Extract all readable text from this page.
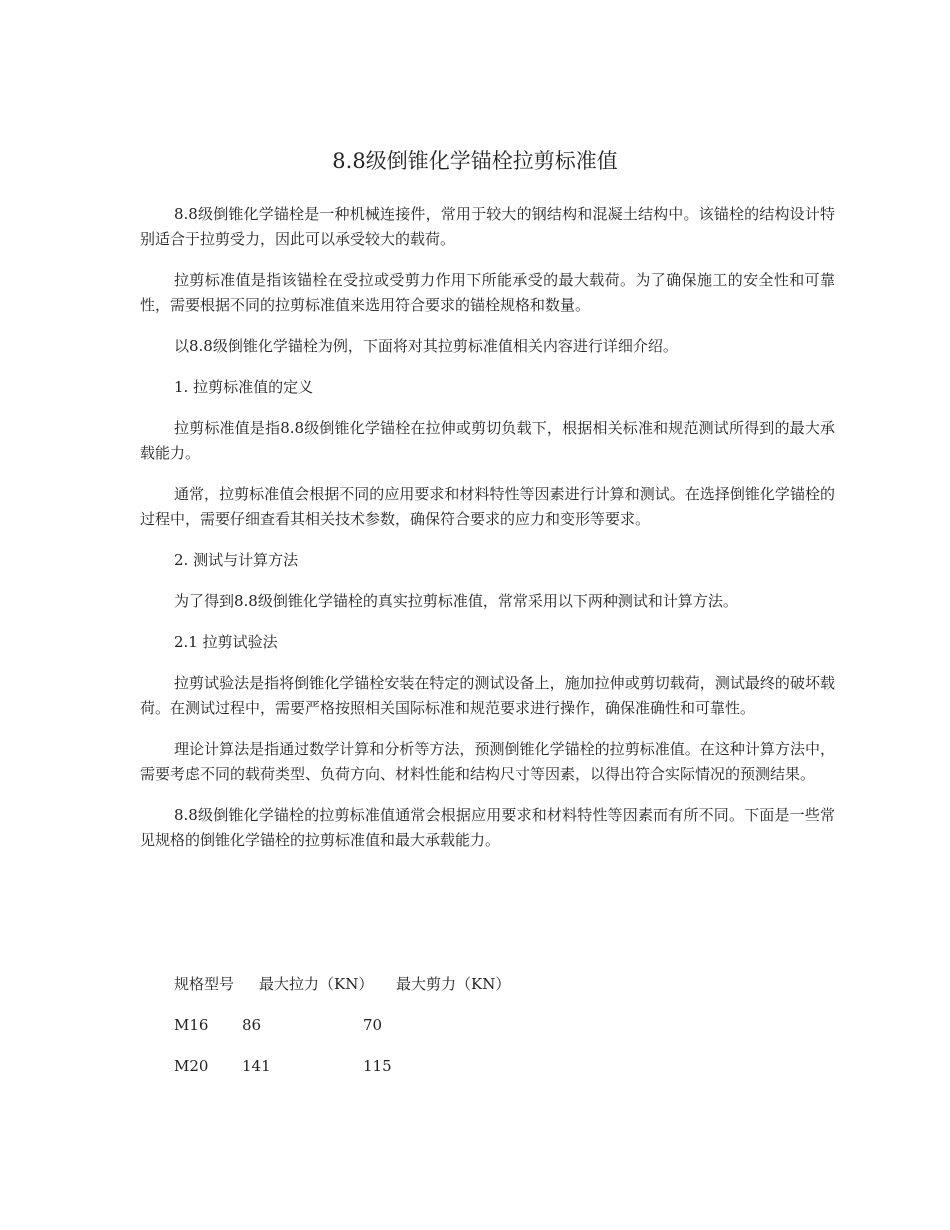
8.8级倒锥化学锚栓拉剪标准值

8.8级倒锥化学锚栓是一种机械连接件，常用于较大的钢结构和混凝土结构中。该锚栓的结构设计特别适合于拉剪受力，因此可以承受较大的载荷。

拉剪标准值是指该锚栓在受拉或受剪力作用下所能承受的最大载荷。为了确保施工的安全性和可靠性，需要根据不同的拉剪标准值来选用符合要求的锚栓规格和数量。

以8.8级倒锥化学锚栓为例，下面将对其拉剪标准值相关内容进行详细介绍。

1. 拉剪标准值的定义

拉剪标准值是指8.8级倒锥化学锚栓在拉伸或剪切负载下，根据相关标准和规范测试所得到的最大承载能力。

通常，拉剪标准值会根据不同的应用要求和材料特性等因素进行计算和测试。在选择倒锥化学锚栓的过程中，需要仔细查看其相关技术参数，确保符合要求的应力和变形等要求。

2. 测试与计算方法

为了得到8.8级倒锥化学锚栓的真实拉剪标准值，常常采用以下两种测试和计算方法。

2.1 拉剪试验法

拉剪试验法是指将倒锥化学锚栓安装在特定的测试设备上，施加拉伸或剪切载荷，测试最终的破坏载荷。在测试过程中，需要严格按照相关国际标准和规范要求进行操作，确保准确性和可靠性。

理论计算法是指通过数学计算和分析等方法，预测倒锥化学锚栓的拉剪标准值。在这种计算方法中，需要考虑不同的载荷类型、负荷方向、材料性能和结构尺寸等因素，以得出符合实际情况的预测结果。

8.8级倒锥化学锚栓的拉剪标准值通常会根据应用要求和材料特性等因素而有所不同。下面是一些常见规格的倒锥化学锚栓的拉剪标准值和最大承载能力。

规格型号 最大拉力（KN） 最大剪力（KN）
M16 86	70
M20 141	115
